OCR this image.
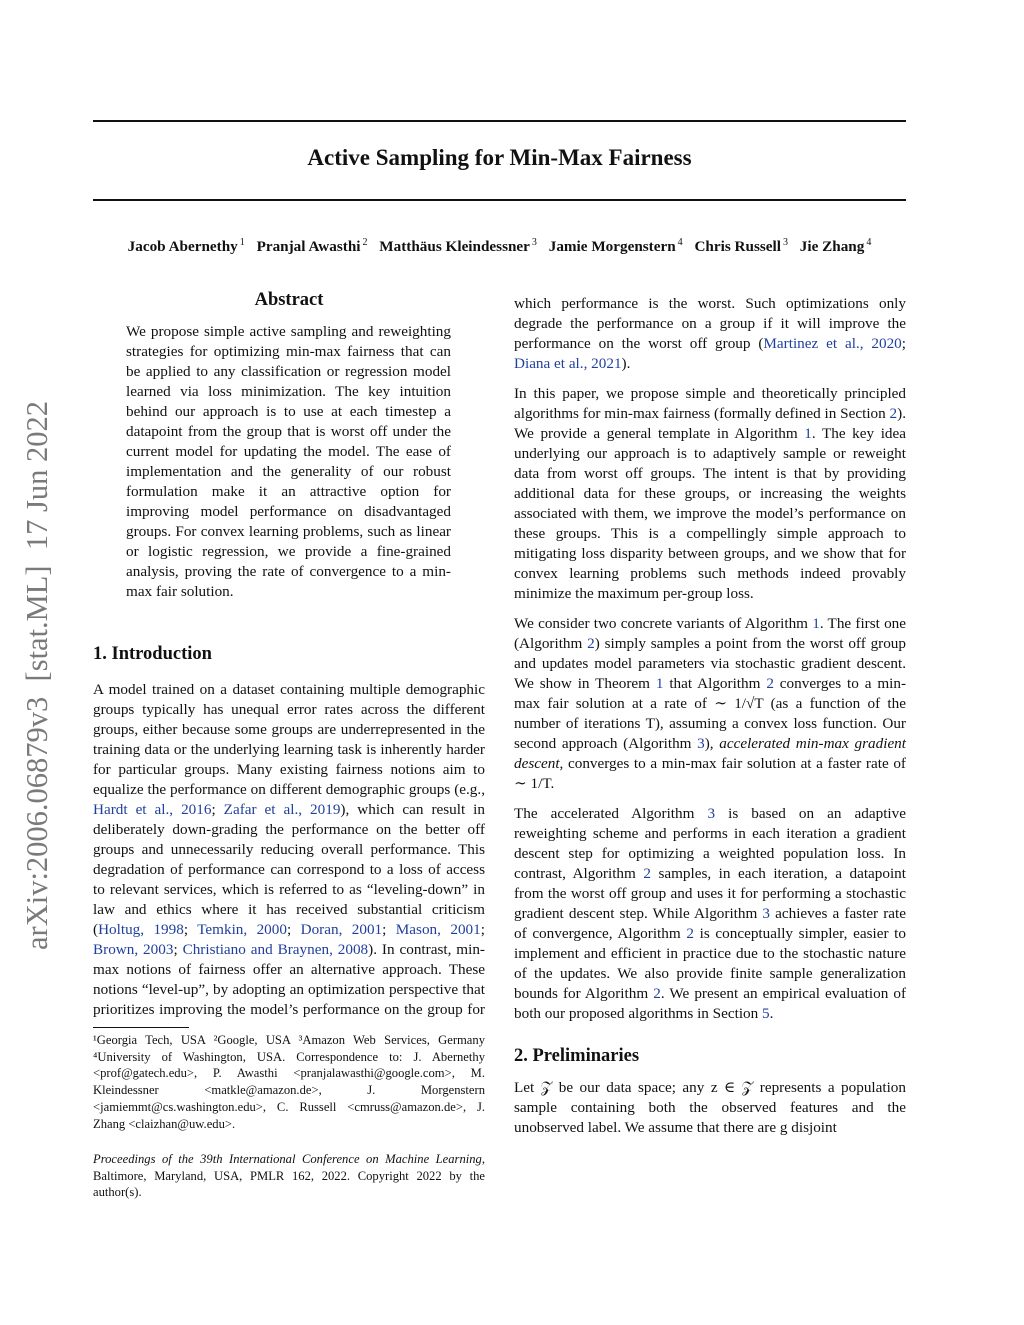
Active Sampling for Min-Max Fairness
Jacob Abernethy $^1$ Pranjal Awasthi $^2$ Matthäus Kleindessner $^3$ Jamie Morgenstern $^4$ Chris Russell $^3$ Jie Zhang $^4$
arXiv:2006.06879v3  [stat.ML]  17 Jun 2022
Abstract
We propose simple active sampling and reweighting strategies for optimizing min-max fairness that can be applied to any classification or regression model learned via loss minimization. The key intuition behind our approach is to use at each timestep a datapoint from the group that is worst off under the current model for updating the model. The ease of implementation and the generality of our robust formulation make it an attractive option for improving model performance on disadvantaged groups. For convex learning problems, such as linear or logistic regression, we provide a fine-grained analysis, proving the rate of convergence to a min-max fair solution.
1. Introduction

A model trained on a dataset containing multiple demographic groups typically has unequal error rates across the different groups, either because some groups are underrepresented in the training data or the underlying learning task is inherently harder for particular groups. Many existing fairness notions aim to equalize the performance on different demographic groups (e.g., Hardt et al., 2016; Zafar et al., 2019), which can result in deliberately down-grading the performance on the better off groups and unnecessarily reducing overall performance. This degradation of performance can correspond to a loss of access to relevant services, which is referred to as “leveling-down” in law and ethics where it has received substantial criticism (Holtug, 1998; Temkin, 2000; Doran, 2001; Mason, 2001; Brown, 2003; Christiano and Braynen, 2008). In contrast, min-max notions of fairness offer an alternative approach. These notions “level-up”, by adopting an optimization perspective that prioritizes improving the model’s performance on the group for

which performance is the worst. Such optimizations only degrade the performance on a group if it will improve the performance on the worst off group (Martinez et al., 2020; Diana et al., 2021).

In this paper, we propose simple and theoretically principled algorithms for min-max fairness (formally defined in Section 2). We provide a general template in Algorithm 1. The key idea underlying our approach is to adaptively sample or reweight data from worst off groups. The intent is that by providing additional data for these groups, or increasing the weights associated with them, we improve the model’s performance on these groups. This is a compellingly simple approach to mitigating loss disparity between groups, and we show that for convex learning problems such methods indeed provably minimize the maximum per-group loss.

We consider two concrete variants of Algorithm 1. The first one (Algorithm 2) simply samples a point from the worst off group and updates model parameters via stochastic gradient descent. We show in Theorem 1 that Algorithm 2 converges to a min-max fair solution at a rate of ∼ 1/√T (as a function of the number of iterations T), assuming a convex loss function. Our second approach (Algorithm 3), accelerated min-max gradient descent, converges to a min-max fair solution at a faster rate of ∼ 1/T.

The accelerated Algorithm 3 is based on an adaptive reweighting scheme and performs in each iteration a gradient descent step for optimizing a weighted population loss. In contrast, Algorithm 2 samples, in each iteration, a datapoint from the worst off group and uses it for performing a stochastic gradient descent step. While Algorithm 3 achieves a faster rate of convergence, Algorithm 2 is conceptually simpler, easier to implement and efficient in practice due to the stochastic nature of the updates. We also provide finite sample generalization bounds for Algorithm 2. We present an empirical evaluation of both our proposed algorithms in Section 5.

2. Preliminaries

Let 𝒵 be our data space; any z ∈ 𝒵 represents a population sample containing both the observed features and the unobserved label. We assume that there are g disjoint

¹Georgia Tech, USA ²Google, USA ³Amazon Web Services, Germany ⁴University of Washington, USA. Correspondence to: J. Abernethy <prof@gatech.edu>, P. Awasthi <pranjalawasthi@google.com>, M. Kleindessner <matkle@amazon.de>, J. Morgenstern <jamiemmt@cs.washington.edu>, C. Russell <cmruss@amazon.de>, J. Zhang <claizhan@uw.edu>.
Proceedings of the 39th International Conference on Machine Learning, Baltimore, Maryland, USA, PMLR 162, 2022. Copyright 2022 by the author(s).
